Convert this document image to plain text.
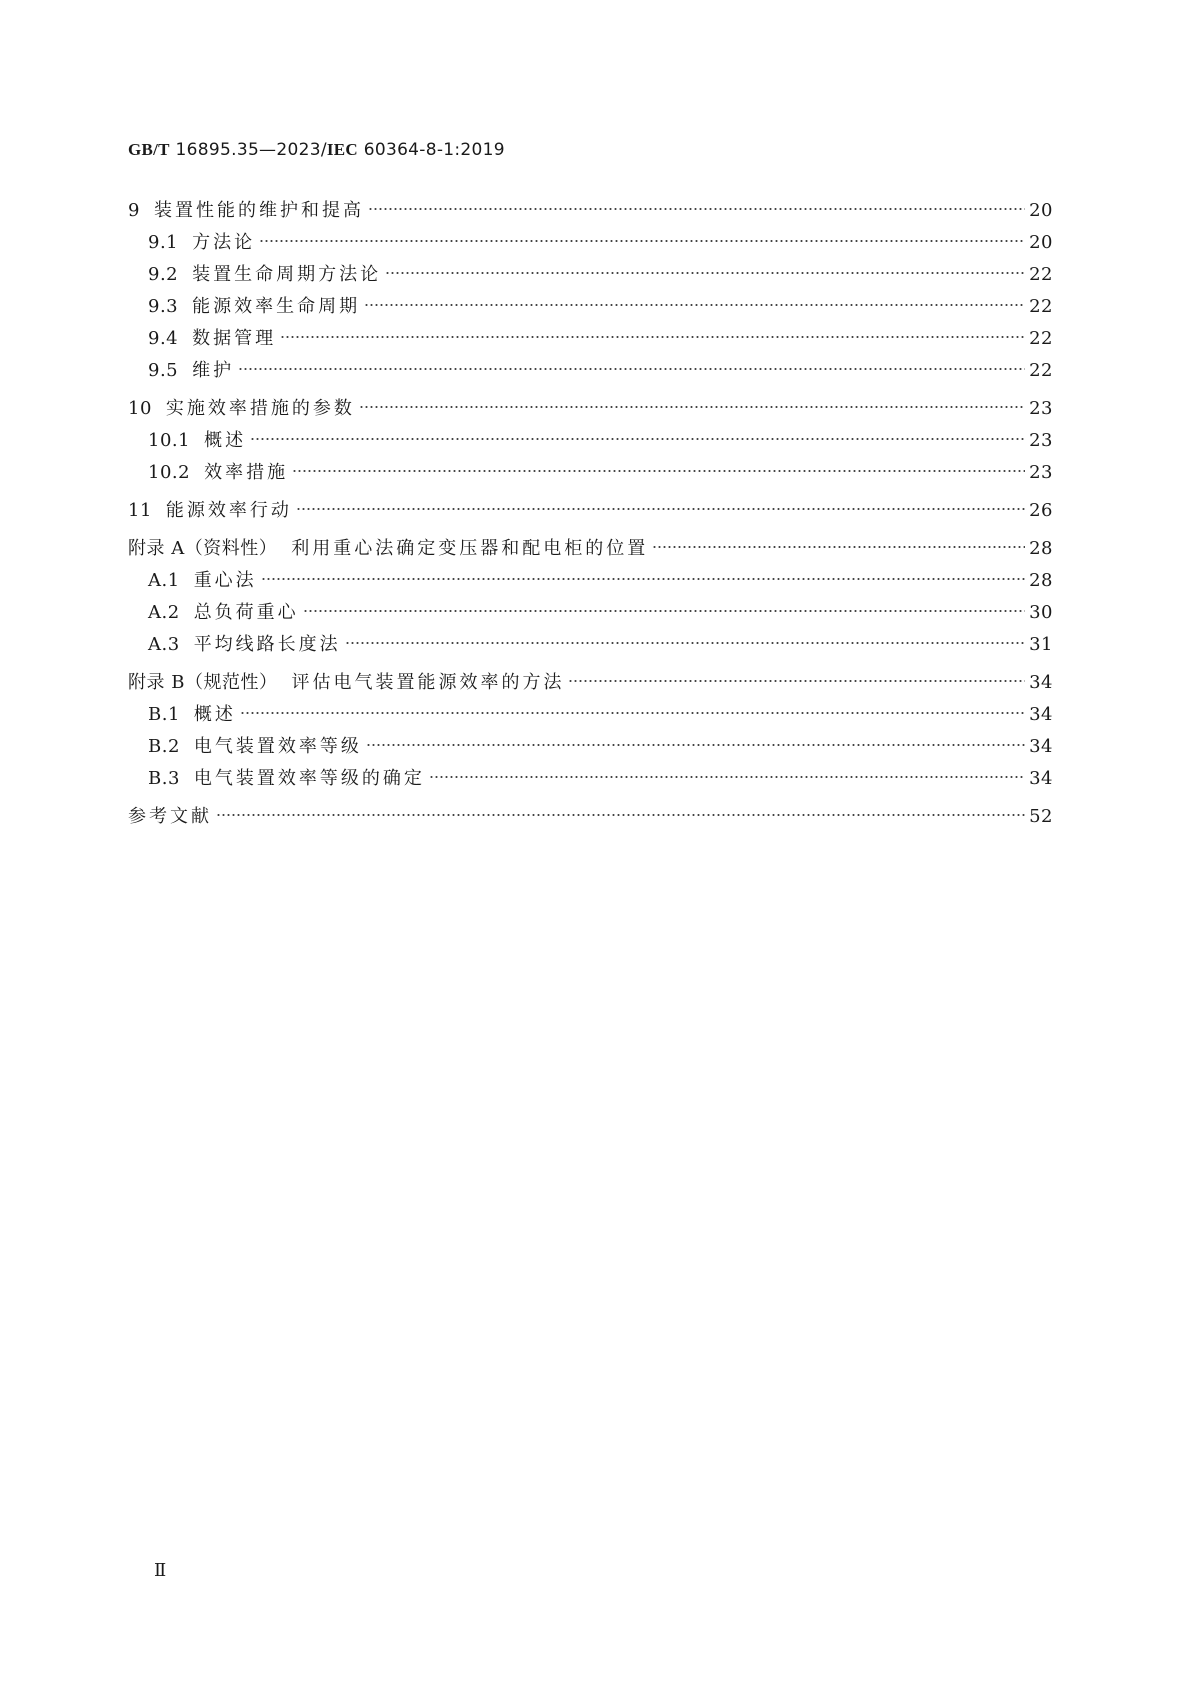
GB/T 16895.35—2023/IEC 60364-8-1:2019
9 装置性能的维护和提高	20
9.1 方法论	20
9.2 装置生命周期方法论	22
9.3 能源效率生命周期	22
9.4 数据管理	22
9.5 维护	22
10 实施效率措施的参数	23
10.1 概述	23
10.2 效率措施	23
11 能源效率行动	26
附录 A（资料性） 利用重心法确定变压器和配电柜的位置	28
A.1 重心法	28
A.2 总负荷重心	30
A.3 平均线路长度法	31
附录 B（规范性） 评估电气装置能源效率的方法	34
B.1 概述	34
B.2 电气装置效率等级	34
B.3 电气装置效率等级的确定	34
参考文献	52
Ⅱ
